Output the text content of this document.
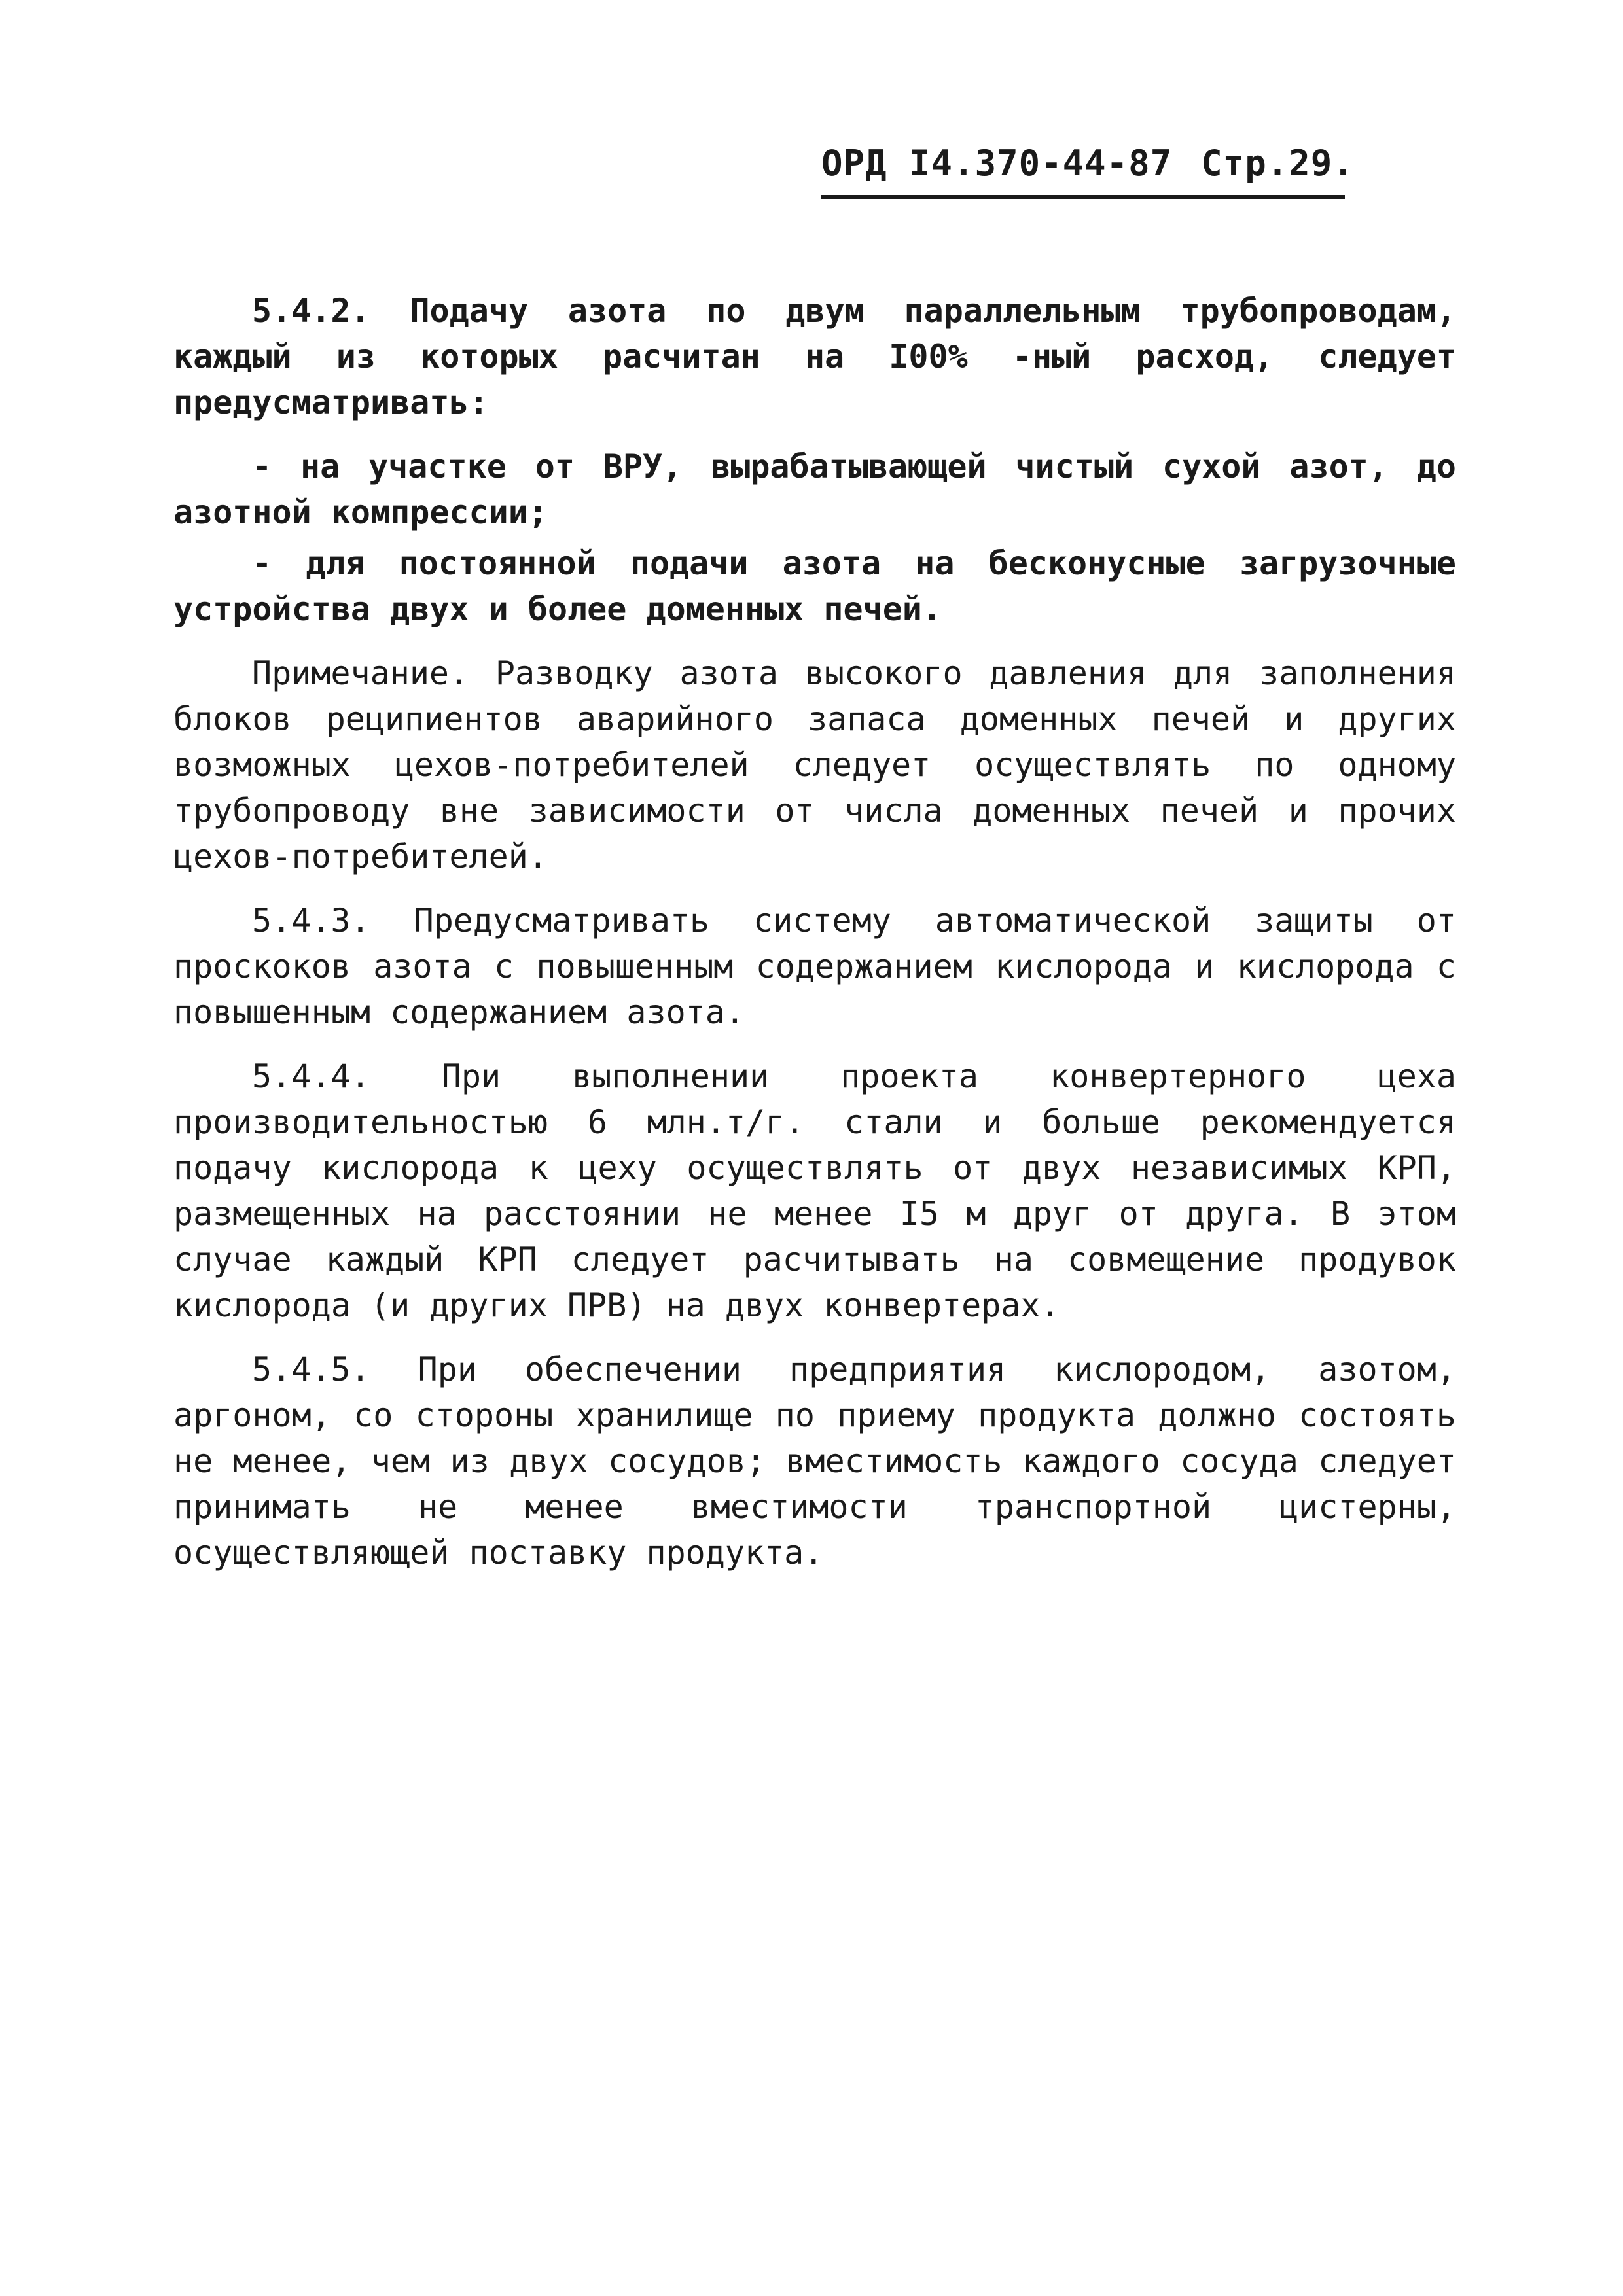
ОРД I4.370-44-87 Стр.29.

5.4.2. Подачу азота по двум параллельным трубопроводам, каждый из которых расчитан на I00% -ный расход, следует предусматривать:

- на участке от ВРУ, вырабатывающей чистый сухой азот, до азотной компрессии;

- для постоянной подачи азота на бесконусные загрузочные устройства двух и более доменных печей.

Примечание. Разводку азота высокого давления для заполнения блоков реципиентов аварийного запаса доменных печей и других возможных цехов-потребителей следует осуществлять по одному трубопроводу вне зависимости от числа доменных печей и прочих цехов-потребителей.

5.4.3. Предусматривать систему автоматической защиты от проскоков азота с повышенным содержанием кислорода и кислорода с повышенным содержанием азота.

5.4.4. При выполнении проекта конвертерного цеха производительностью 6 млн.т/г. стали и больше рекомендуется подачу кислорода к цеху осуществлять от двух независимых КРП, размещенных на расстоянии не менее I5 м друг от друга. В этом случае каждый КРП следует расчитывать на совмещение продувок кислорода (и других ПРВ) на двух конвертерах.

5.4.5. При обеспечении предприятия кислородом, азотом, аргоном, со стороны хранилище по приему продукта должно состоять не менее, чем из двух сосудов; вместимость каждого сосуда следует принимать не менее вместимости транспортной цистерны, осуществляющей поставку продукта.
